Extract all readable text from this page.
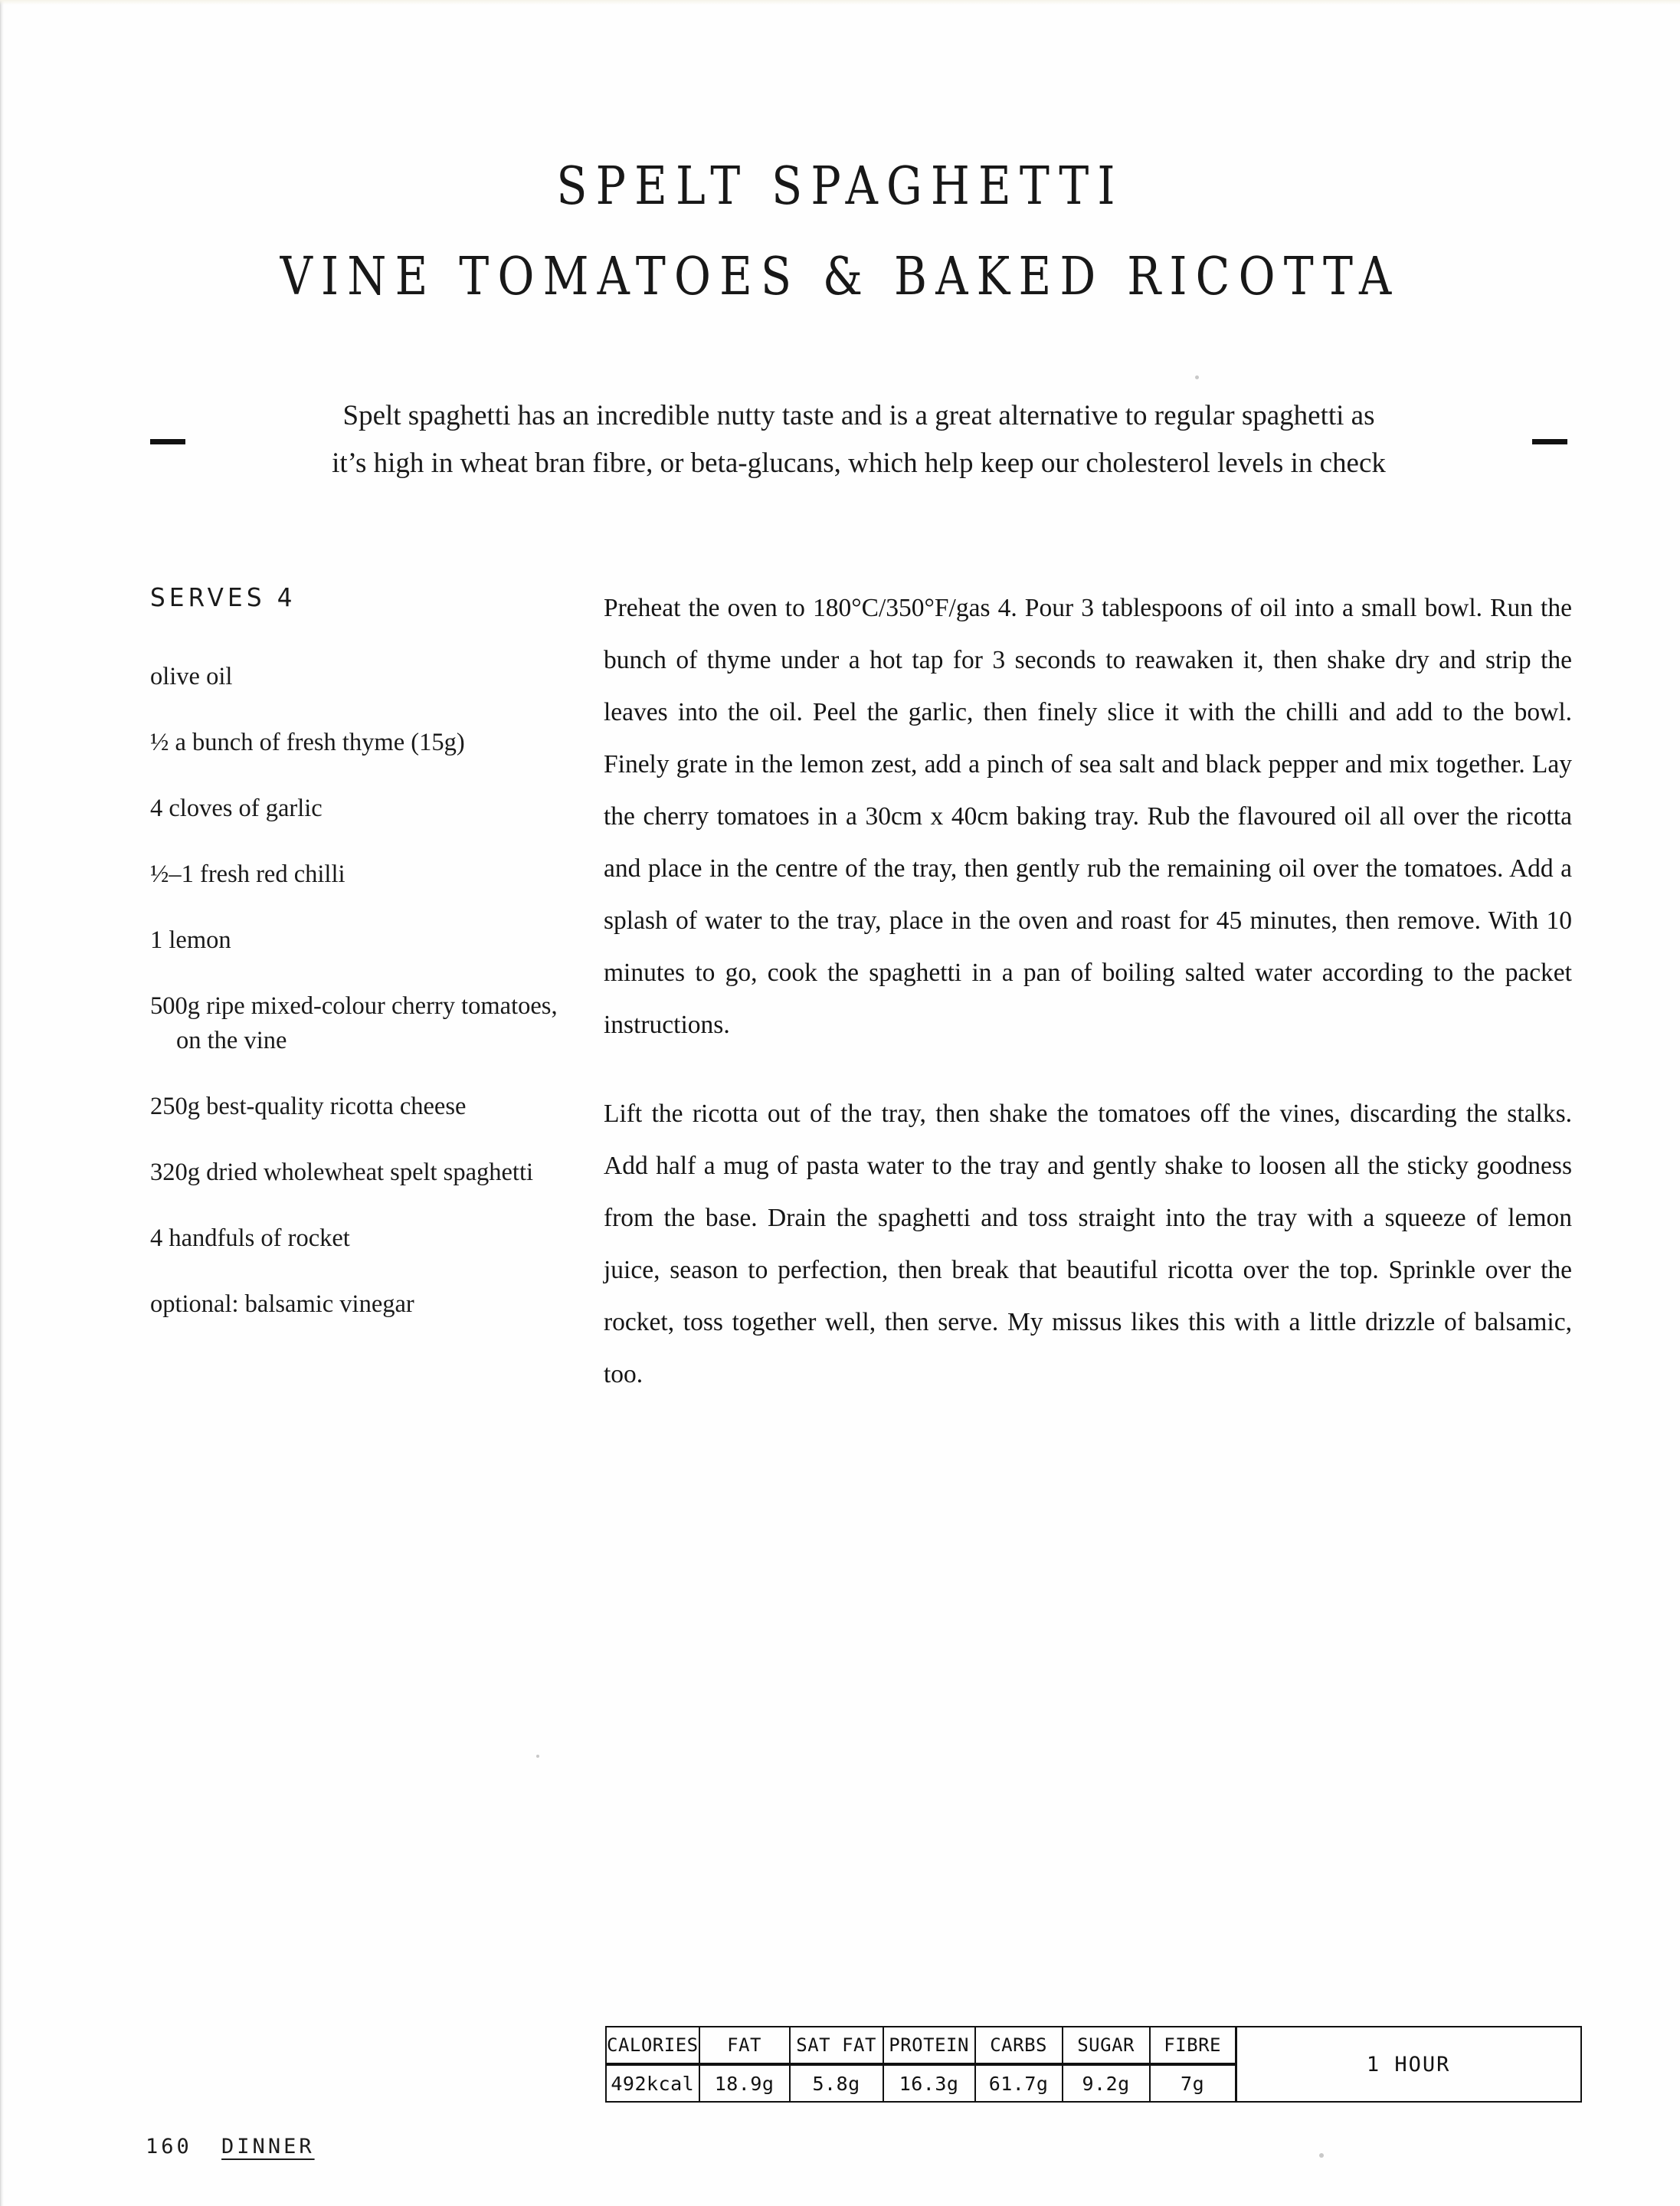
SPELT SPAGHETTI
VINE TOMATOES & BAKED RICOTTA
Spelt spaghetti has an incredible nutty taste and is a great alternative to regular spaghetti as
it’s high in wheat bran fibre, or beta-glucans, which help keep our cholesterol levels in check
SERVES 4
olive oil
½ a bunch of fresh thyme (15g)
4 cloves of garlic
½–1 fresh red chilli
1 lemon
500g ripe mixed-colour cherry tomatoes, on the vine
250g best-quality ricotta cheese
320g dried wholewheat spelt spaghetti
4 handfuls of rocket
optional: balsamic vinegar

Preheat the oven to 180°C/350°F/gas 4. Pour 3 tablespoons of oil into a small bowl. Run the bunch of thyme under a hot tap for 3 seconds to reawaken it, then shake dry and strip the leaves into the oil. Peel the garlic, then finely slice it with the chilli and add to the bowl. Finely grate in the lemon zest, add a pinch of sea salt and black pepper and mix together. Lay the cherry tomatoes in a 30cm x 40cm baking tray. Rub the flavoured oil all over the ricotta and place in the centre of the tray, then gently rub the remaining oil over the tomatoes. Add a splash of water to the tray, place in the oven and roast for 45 minutes, then remove. With 10 minutes to go, cook the spaghetti in a pan of boiling salted water according to the packet instructions.

Lift the ricotta out of the tray, then shake the tomatoes off the vines, discarding the stalks. Add half a mug of pasta water to the tray and gently shake to loosen all the sticky goodness from the base. Drain the spaghetti and toss straight into the tray with a squeeze of lemon juice, season to perfection, then break that beautiful ricotta over the top. Sprinkle over the rocket, toss together well, then serve. My missus likes this with a little drizzle of balsamic, too.

CALORIES	FAT	SAT FAT	PROTEIN	CARBS	SUGAR	FIBRE	1 HOUR
492kcal	18.9g	5.8g	16.3g	61.7g	9.2g	7g	
160 DINNER
